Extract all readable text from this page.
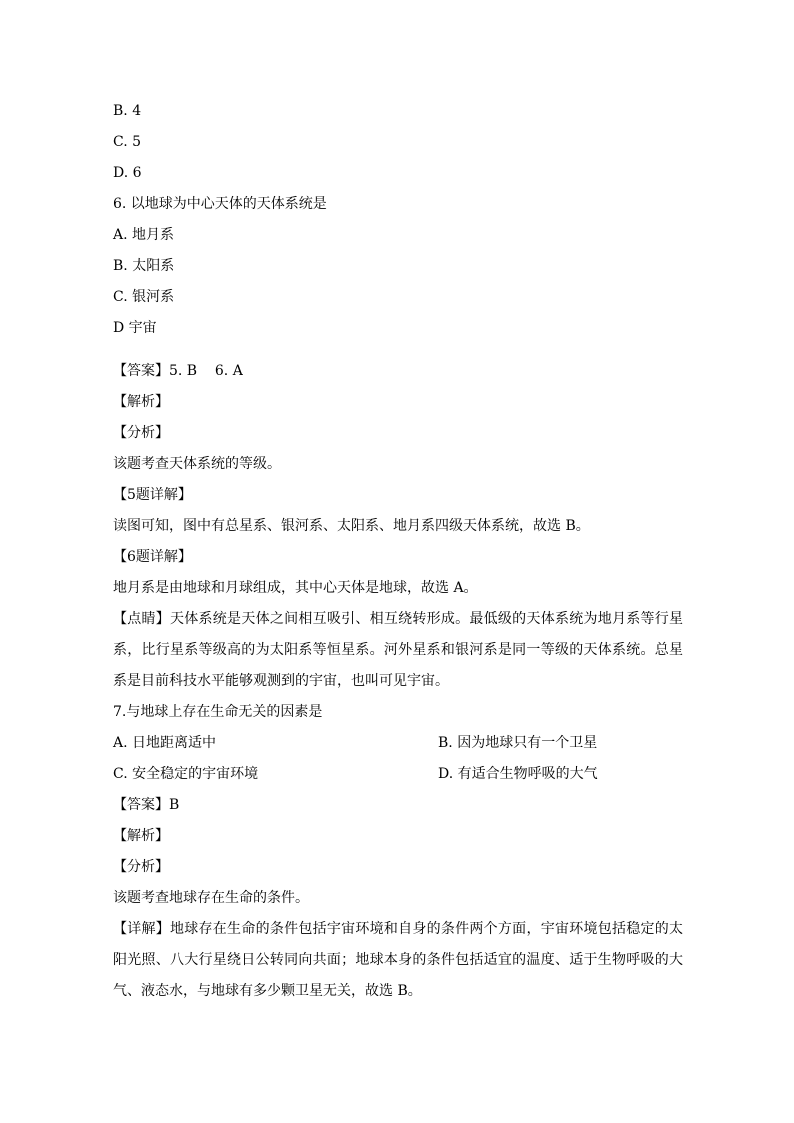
B. 4
C. 5
D. 6
6. 以地球为中心天体的天体系统是
A. 地月系
B. 太阳系
C. 银河系
D 宇宙
【答案】5. B    6. A
【解析】
【分析】
该题考查天体系统的等级。
【5题详解】
读图可知，图中有总星系、银河系、太阳系、地月系四级天体系统，故选 B。
【6题详解】
地月系是由地球和月球组成，其中心天体是地球，故选 A。
【点睛】天体系统是天体之间相互吸引、相互绕转形成。最低级的天体系统为地月系等行星系，比行星系等级高的为太阳系等恒星系。河外星系和银河系是同一等级的天体系统。总星系是目前科技水平能够观测到的宇宙，也叫可见宇宙。
7.与地球上存在生命无关的因素是
A. 日地距离适中	B. 因为地球只有一个卫星
C. 安全稳定的宇宙环境	D. 有适合生物呼吸的大气
【答案】B
【解析】
【分析】
该题考查地球存在生命的条件。
【详解】地球存在生命的条件包括宇宙环境和自身的条件两个方面，宇宙环境包括稳定的太阳光照、八大行星绕日公转同向共面；地球本身的条件包括适宜的温度、适于生物呼吸的大气、液态水，与地球有多少颗卫星无关，故选 B。
